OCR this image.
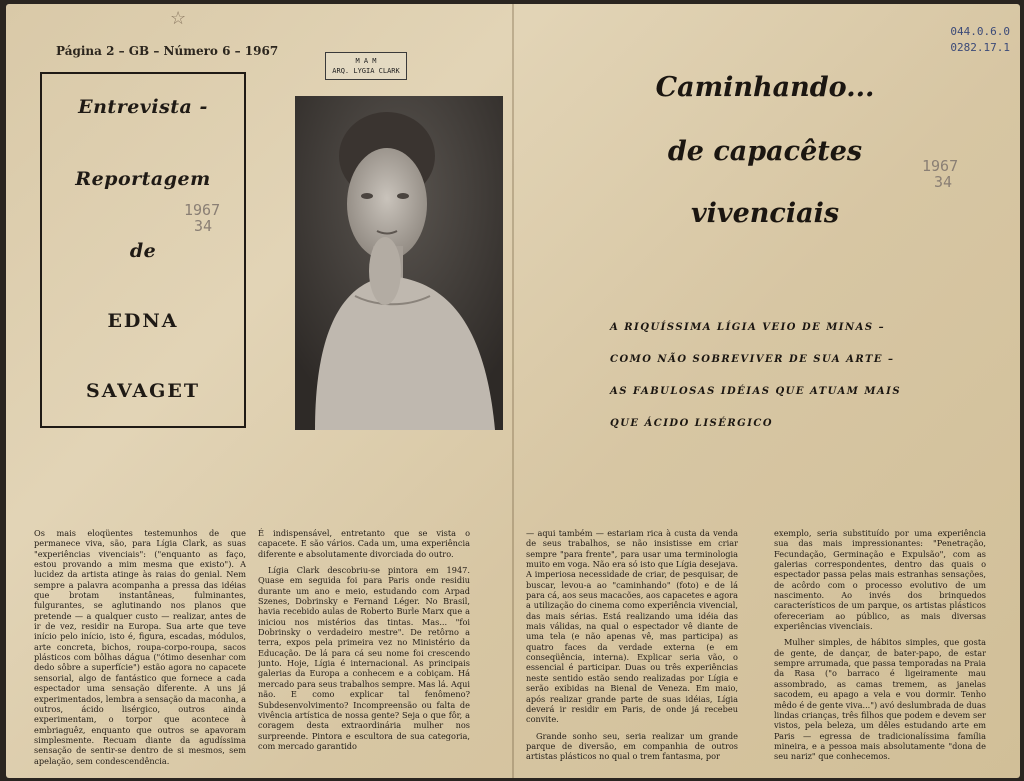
☆
Página 2 – GB – Número 6 – 1967
M A M
ARQ. LYGIA CLARK
044.0.6.0
0282.17.1
Entrevista -
Reportagem
de
EDNA
SAVAGET
1967
34
Caminhando...
de capacêtes
vivenciais
1967
34
A RIQUÍSSIMA LÍGIA VEIO DE MINAS –
COMO NÃO SOBREVIVER DE SUA ARTE –
AS FABULOSAS IDÉIAS QUE ATUAM MAIS
QUE ÁCIDO LISÉRGICO

Os mais eloqüentes testemunhos de que permanece viva, são, para Lígia Clark, as suas "experiências vivenciais": ("enquanto as faço, estou provando a mim mesma que existo"). A lucidez da artista atinge às raias do genial. Nem sempre a palavra acompanha a pressa das idéias que brotam instantâneas, fulminantes, fulgurantes, se aglutinando nos planos que pretende — a qualquer custo — realizar, antes de ir de vez, residir na Europa. Sua arte que teve início pelo início, isto é, figura, escadas, módulos, arte concreta, bichos, roupa-corpo-roupa, sacos plásticos com bôlhas dágua ("ótimo desenhar com dedo sôbre a superfície") estão agora no capacete sensorial, algo de fantástico que fornece a cada espectador uma sensação diferente. A uns já experimentados, lembra a sensação da maconha, a outros, ácido lisérgico, outros ainda experimentam, o torpor que acontece à embriaguêz, enquanto que outros se apavoram simplesmente. Recuam diante da agudíssima sensação de sentir-se dentro de si mesmos, sem apelação, sem condescendência.

É indispensável, entretanto que se vista o capacete. E são vários. Cada um, uma experiência diferente e absolutamente divorciada do outro.

Lígia Clark descobriu-se pintora em 1947. Quase em seguida foi para Paris onde residiu durante um ano e meio, estudando com Arpad Szenes, Dobrinsky e Fernand Léger. No Brasil, havia recebido aulas de Roberto Burle Marx que a iniciou nos mistérios das tintas. Mas... "foi Dobrinsky o verdadeiro mestre". De retôrno a terra, expos pela primeira vez no Ministério da Educação. De lá para cá seu nome foi crescendo junto. Hoje, Lígia é internacional. As principais galerias da Europa a conhecem e a cobiçam. Há mercado para seus trabalhos sempre. Mas lá. Aqui não. E como explicar tal fenômeno? Subdesenvolvimento? Incompreensão ou falta de vivência artística de nossa gente? Seja o que fôr, a coragem desta extraordinária mulher nos surpreende. Pintora e escultora de sua categoria, com mercado garantido

— aqui também — estariam rica à custa da venda de seus trabalhos, se não insistisse em criar sempre "para frente", para usar uma terminologia muito em voga. Não era só isto que Lígia desejava. A imperiosa necessidade de criar, de pesquisar, de buscar, levou-a ao "caminhando" (foto) e de lá para cá, aos seus macacões, aos capacetes e agora a utilização do cinema como experiência vivencial, das mais sérias. Está realizando uma idéia das mais válidas, na qual o espectador vê diante de uma tela (e não apenas vê, mas participa) as quatro faces da verdade externa (e em conseqüência, interna). Explicar seria vão, o essencial é participar. Duas ou três experiências neste sentido estão sendo realizadas por Lígia e serão exibidas na Bienal de Veneza. Em maio, após realizar grande parte de suas idéias, Lígia deverá ir residir em Paris, de onde já recebeu convite.

Grande sonho seu, seria realizar um grande parque de diversão, em companhia de outros artistas plásticos no qual o trem fantasma, por

exemplo, seria substituído por uma experiência sua das mais impressionantes: "Penetração, Fecundação, Germinação e Expulsão", com as galerias correspondentes, dentro das quais o espectador passa pelas mais estranhas sensações, de acôrdo com o processo evolutivo de um nascimento. Ao invés dos brinquedos característicos de um parque, os artistas plásticos ofereceriam ao público, as mais diversas experiências vivenciais.

Mulher simples, de hábitos simples, que gosta de gente, de dançar, de bater-papo, de estar sempre arrumada, que passa temporadas na Praia da Rasa ("o barraco é ligeiramente mau assombrado, as camas tremem, as janelas sacodem, eu apago a vela e vou dormir. Tenho mêdo é de gente viva...") avó deslumbrada de duas lindas crianças, três filhos que podem e devem ser vistos, pela beleza, um dêles estudando arte em Paris — egressa de tradicionalíssima família mineira, e a pessoa mais absolutamente "dona de seu nariz" que conhecemos.
